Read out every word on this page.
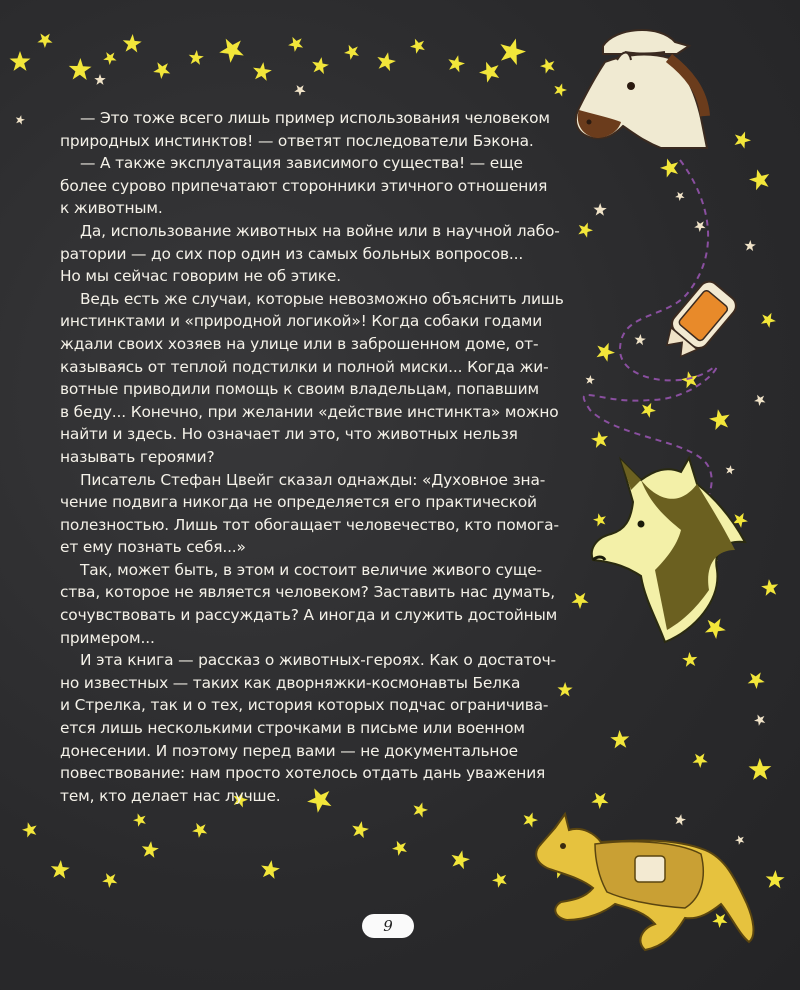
— Это тоже всего лишь пример использования человеком
природных инстинктов! — ответят последователи Бэкона.
— А также эксплуатация зависимого существа! — еще
более сурово припечатают сторонники этичного отношения
к животным.
Да, использование животных на войне или в научной лабо-
ратории — до сих пор один из самых больных вопросов...
Но мы сейчас говорим не об этике.
Ведь есть же случаи, которые невозможно объяснить лишь
инстинктами и «природной логикой»! Когда собаки годами
ждали своих хозяев на улице или в заброшенном доме, от-
казываясь от теплой подстилки и полной миски... Когда жи-
вотные приводили помощь к своим владельцам, попавшим
в беду... Конечно, при желании «действие инстинкта» можно
найти и здесь. Но означает ли это, что животных нельзя
называть героями?
Писатель Стефан Цвейг сказал однажды: «Духовное зна-
чение подвига никогда не определяется его практической
полезностью. Лишь тот обогащает человечество, кто помога-
ет ему познать себя...»
Так, может быть, в этом и состоит величие живого суще-
ства, которое не является человеком? Заставить нас думать,
сочувствовать и рассуждать? А иногда и служить достойным
примером...
И эта книга — рассказ о животных-героях. Как о достаточ-
но известных — таких как дворняжки-космонавты Белка
и Стрелка, так и о тех, история которых подчас ограничива-
ется лишь несколькими строчками в письме или военном
донесении. И поэтому перед вами — не документальное
повествование: нам просто хотелось отдать дань уважения
тем, кто делает нас лучше.
9
